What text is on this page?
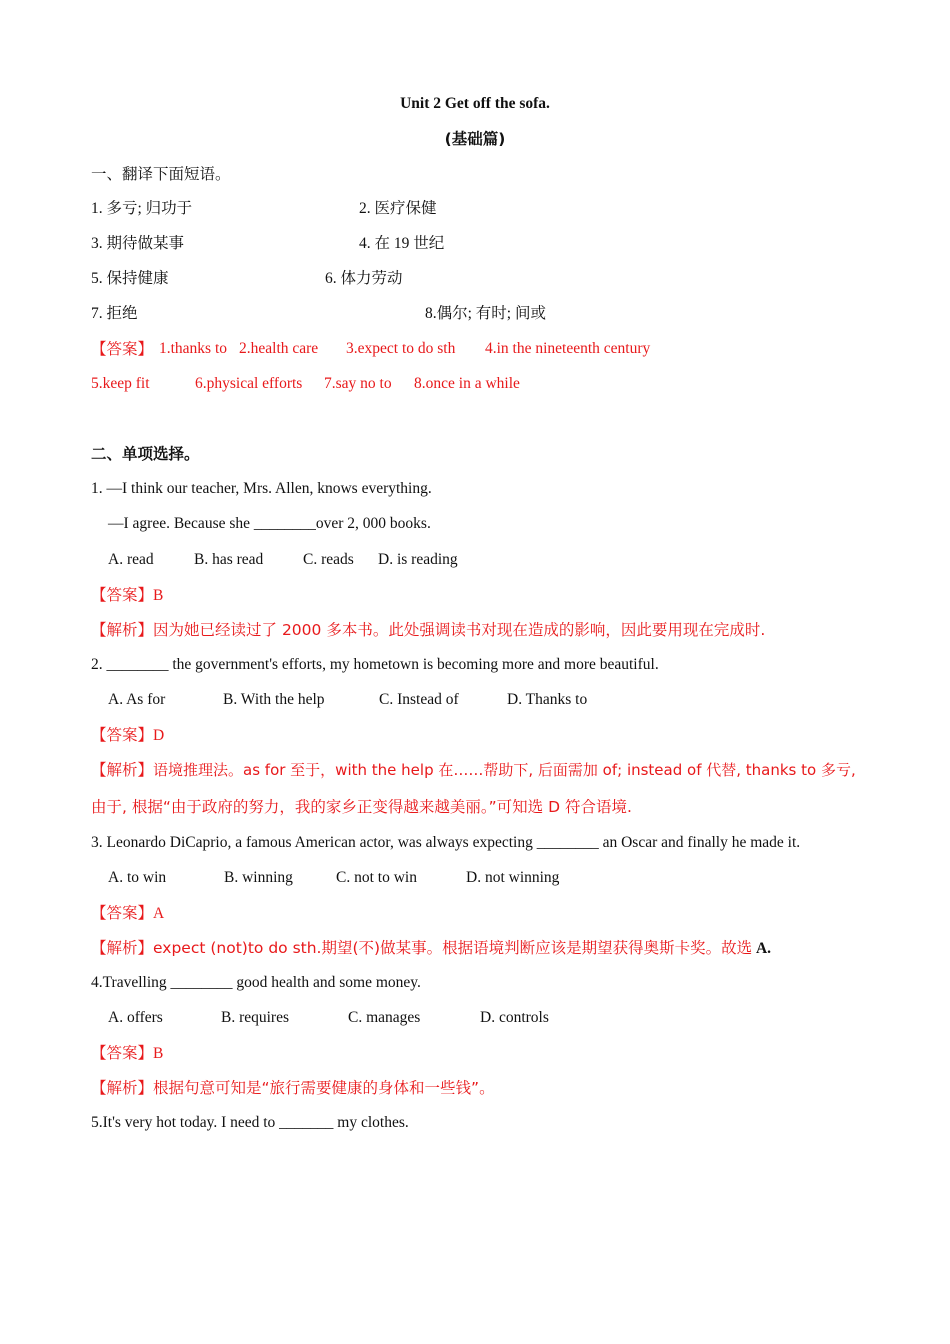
Unit 2 Get off the sofa.
(基础篇)
一、翻译下面短语。
1. 多亏; 归功于	2. 医疗保健
3. 期待做某事	4. 在 19 世纪
5. 保持健康	6. 体力劳动
7. 拒绝	8.偶尔; 有时; 间或
【答案】 1.thanks to 2.health care 3.expect to do sth 4.in the nineteenth century
5.keep fit	6.physical efforts 7.say no to 8.once in a while
二、单项选择。
1. —I think our teacher, Mrs. Allen, knows everything.
—I agree. Because she ________over 2, 000 books.
A. read	B. has read	C. reads D. is reading
【答案】B
【解析】因为她已经读过了 2000 多本书。此处强调读书对现在造成的影响，因此要用现在完成时.
2. ________ the government's efforts, my hometown is becoming more and more beautiful.
A. As for	B. With the help	C. Instead of	D. Thanks to
【答案】D
【解析】语境推理法。as for 至于，with the help 在……帮助下, 后面需加 of; instead of 代替, thanks to 多亏,
由于, 根据“由于政府的努力，我的家乡正变得越来越美丽。”可知选 D 符合语境.
3. Leonardo DiCaprio, a famous American actor, was always expecting ________ an Oscar and finally he made it.
A. to win	B. winning	C. not to win	D. not winning
【答案】A
【解析】expect (not)to do sth.期望(不)做某事。根据语境判断应该是期望获得奥斯卡奖。故选 A.
4.Travelling ________ good health and some money.
A. offers	B. requires	C. manages	D. controls
【答案】B
【解析】根据句意可知是“旅行需要健康的身体和一些钱”。
5.It's very hot today. I need to _______ my clothes.
